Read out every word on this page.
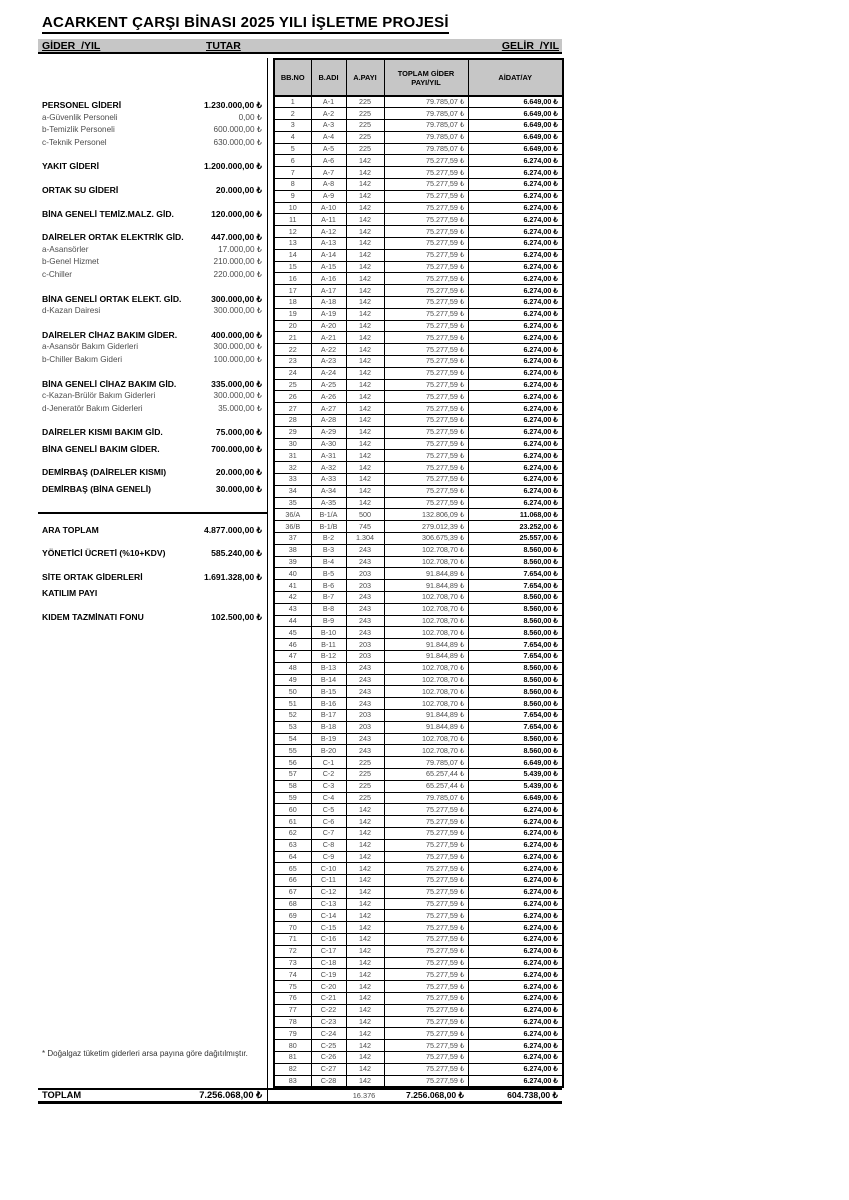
ACARKENT ÇARŞI BİNASI 2025 YILI İŞLETME PROJESİ
GİDER_/YIL	TUTAR	GELİR_/YIL
PERSONEL GİDERİ	1.230.000,00 ₺
a-Güvenlik Personeli	0,00 ₺
b-Temizlik Personeli	600.000,00 ₺
c-Teknik Personel	630.000,00 ₺
YAKIT GİDERİ	1.200.000,00 ₺
ORTAK SU GİDERİ	20.000,00 ₺
BİNA GENELİ TEMİZ.MALZ. GİD.	120.000,00 ₺
DAİRELER ORTAK ELEKTRİK GİD.	447.000,00 ₺
a-Asansörler	17.000,00 ₺
b-Genel Hizmet	210.000,00 ₺
c-Chiller	220.000,00 ₺
BİNA GENELİ ORTAK ELEKT. GİD.	300.000,00 ₺
d-Kazan Dairesi	300.000,00 ₺
DAİRELER CİHAZ BAKIM GİDER.	400.000,00 ₺
a-Asansör Bakım Giderleri	300.000,00 ₺
b-Chiller Bakım Gideri	100.000,00 ₺
BİNA GENELİ CİHAZ BAKIM GİD.	335.000,00 ₺
c-Kazan-Brülör Bakım Giderleri	300.000,00 ₺
d-Jeneratör Bakım Giderleri	35.000,00 ₺
DAİRELER KISMI BAKIM GİD.	75.000,00 ₺
BİNA GENELİ BAKIM GİDER.	700.000,00 ₺
DEMİRBAŞ (DAİRELER KISMI)	20.000,00 ₺
DEMİRBAŞ (BİNA GENELİ)	30.000,00 ₺
ARA TOPLAM	4.877.000,00 ₺
YÖNETİCİ ÜCRETİ (%10+KDV)	585.240,00 ₺
SİTE ORTAK GİDERLERİ	1.691.328,00 ₺
KATILIM PAYI
KIDEM TAZMİNATI FONU	102.500,00 ₺
* Doğalgaz tüketim giderleri arsa payına göre dağıtılmıştır.
BB.NO	B.ADI	A.PAYI	TOPLAM GİDER PAYI/YIL	AİDAT/AY
1	A-1	225	79.785,07 ₺	6.649,00 ₺
2	A-2	225	79.785,07 ₺	6.649,00 ₺
3	A-3	225	79.785,07 ₺	6.649,00 ₺
4	A-4	225	79.785,07 ₺	6.649,00 ₺
5	A-5	225	79.785,07 ₺	6.649,00 ₺
6	A-6	142	75.277,59 ₺	6.274,00 ₺
7	A-7	142	75.277,59 ₺	6.274,00 ₺
8	A-8	142	75.277,59 ₺	6.274,00 ₺
9	A-9	142	75.277,59 ₺	6.274,00 ₺
10	A-10	142	75.277,59 ₺	6.274,00 ₺
11	A-11	142	75.277,59 ₺	6.274,00 ₺
12	A-12	142	75.277,59 ₺	6.274,00 ₺
13	A-13	142	75.277,59 ₺	6.274,00 ₺
14	A-14	142	75.277,59 ₺	6.274,00 ₺
15	A-15	142	75.277,59 ₺	6.274,00 ₺
16	A-16	142	75.277,59 ₺	6.274,00 ₺
17	A-17	142	75.277,59 ₺	6.274,00 ₺
18	A-18	142	75.277,59 ₺	6.274,00 ₺
19	A-19	142	75.277,59 ₺	6.274,00 ₺
20	A-20	142	75.277,59 ₺	6.274,00 ₺
21	A-21	142	75.277,59 ₺	6.274,00 ₺
22	A-22	142	75.277,59 ₺	6.274,00 ₺
23	A-23	142	75.277,59 ₺	6.274,00 ₺
24	A-24	142	75.277,59 ₺	6.274,00 ₺
25	A-25	142	75.277,59 ₺	6.274,00 ₺
26	A-26	142	75.277,59 ₺	6.274,00 ₺
27	A-27	142	75.277,59 ₺	6.274,00 ₺
28	A-28	142	75.277,59 ₺	6.274,00 ₺
29	A-29	142	75.277,59 ₺	6.274,00 ₺
30	A-30	142	75.277,59 ₺	6.274,00 ₺
31	A-31	142	75.277,59 ₺	6.274,00 ₺
32	A-32	142	75.277,59 ₺	6.274,00 ₺
33	A-33	142	75.277,59 ₺	6.274,00 ₺
34	A-34	142	75.277,59 ₺	6.274,00 ₺
35	A-35	142	75.277,59 ₺	6.274,00 ₺
36/A	B-1/A	500	132.806,09 ₺	11.068,00 ₺
36/B	B-1/B	745	279.012,39 ₺	23.252,00 ₺
37	B-2	1.304	306.675,39 ₺	25.557,00 ₺
38	B-3	243	102.708,70 ₺	8.560,00 ₺
39	B-4	243	102.708,70 ₺	8.560,00 ₺
40	B-5	203	91.844,89 ₺	7.654,00 ₺
41	B-6	203	91.844,89 ₺	7.654,00 ₺
42	B-7	243	102.708,70 ₺	8.560,00 ₺
43	B-8	243	102.708,70 ₺	8.560,00 ₺
44	B-9	243	102.708,70 ₺	8.560,00 ₺
45	B-10	243	102.708,70 ₺	8.560,00 ₺
46	B-11	203	91.844,89 ₺	7.654,00 ₺
47	B-12	203	91.844,89 ₺	7.654,00 ₺
48	B-13	243	102.708,70 ₺	8.560,00 ₺
49	B-14	243	102.708,70 ₺	8.560,00 ₺
50	B-15	243	102.708,70 ₺	8.560,00 ₺
51	B-16	243	102.708,70 ₺	8.560,00 ₺
52	B-17	203	91.844,89 ₺	7.654,00 ₺
53	B-18	203	91.844,89 ₺	7.654,00 ₺
54	B-19	243	102.708,70 ₺	8.560,00 ₺
55	B-20	243	102.708,70 ₺	8.560,00 ₺
56	C-1	225	79.785,07 ₺	6.649,00 ₺
57	C-2	225	65.257,44 ₺	5.439,00 ₺
58	C-3	225	65.257,44 ₺	5.439,00 ₺
59	C-4	225	79.785,07 ₺	6.649,00 ₺
60	C-5	142	75.277,59 ₺	6.274,00 ₺
61	C-6	142	75.277,59 ₺	6.274,00 ₺
62	C-7	142	75.277,59 ₺	6.274,00 ₺
63	C-8	142	75.277,59 ₺	6.274,00 ₺
64	C-9	142	75.277,59 ₺	6.274,00 ₺
65	C-10	142	75.277,59 ₺	6.274,00 ₺
66	C-11	142	75.277,59 ₺	6.274,00 ₺
67	C-12	142	75.277,59 ₺	6.274,00 ₺
68	C-13	142	75.277,59 ₺	6.274,00 ₺
69	C-14	142	75.277,59 ₺	6.274,00 ₺
70	C-15	142	75.277,59 ₺	6.274,00 ₺
71	C-16	142	75.277,59 ₺	6.274,00 ₺
72	C-17	142	75.277,59 ₺	6.274,00 ₺
73	C-18	142	75.277,59 ₺	6.274,00 ₺
74	C-19	142	75.277,59 ₺	6.274,00 ₺
75	C-20	142	75.277,59 ₺	6.274,00 ₺
76	C-21	142	75.277,59 ₺	6.274,00 ₺
77	C-22	142	75.277,59 ₺	6.274,00 ₺
78	C-23	142	75.277,59 ₺	6.274,00 ₺
79	C-24	142	75.277,59 ₺	6.274,00 ₺
80	C-25	142	75.277,59 ₺	6.274,00 ₺
81	C-26	142	75.277,59 ₺	6.274,00 ₺
82	C-27	142	75.277,59 ₺	6.274,00 ₺
83	C-28	142	75.277,59 ₺	6.274,00 ₺
TOPLAM	7.256.068,00 ₺	16.376	7.256.068,00 ₺	604.738,00 ₺
